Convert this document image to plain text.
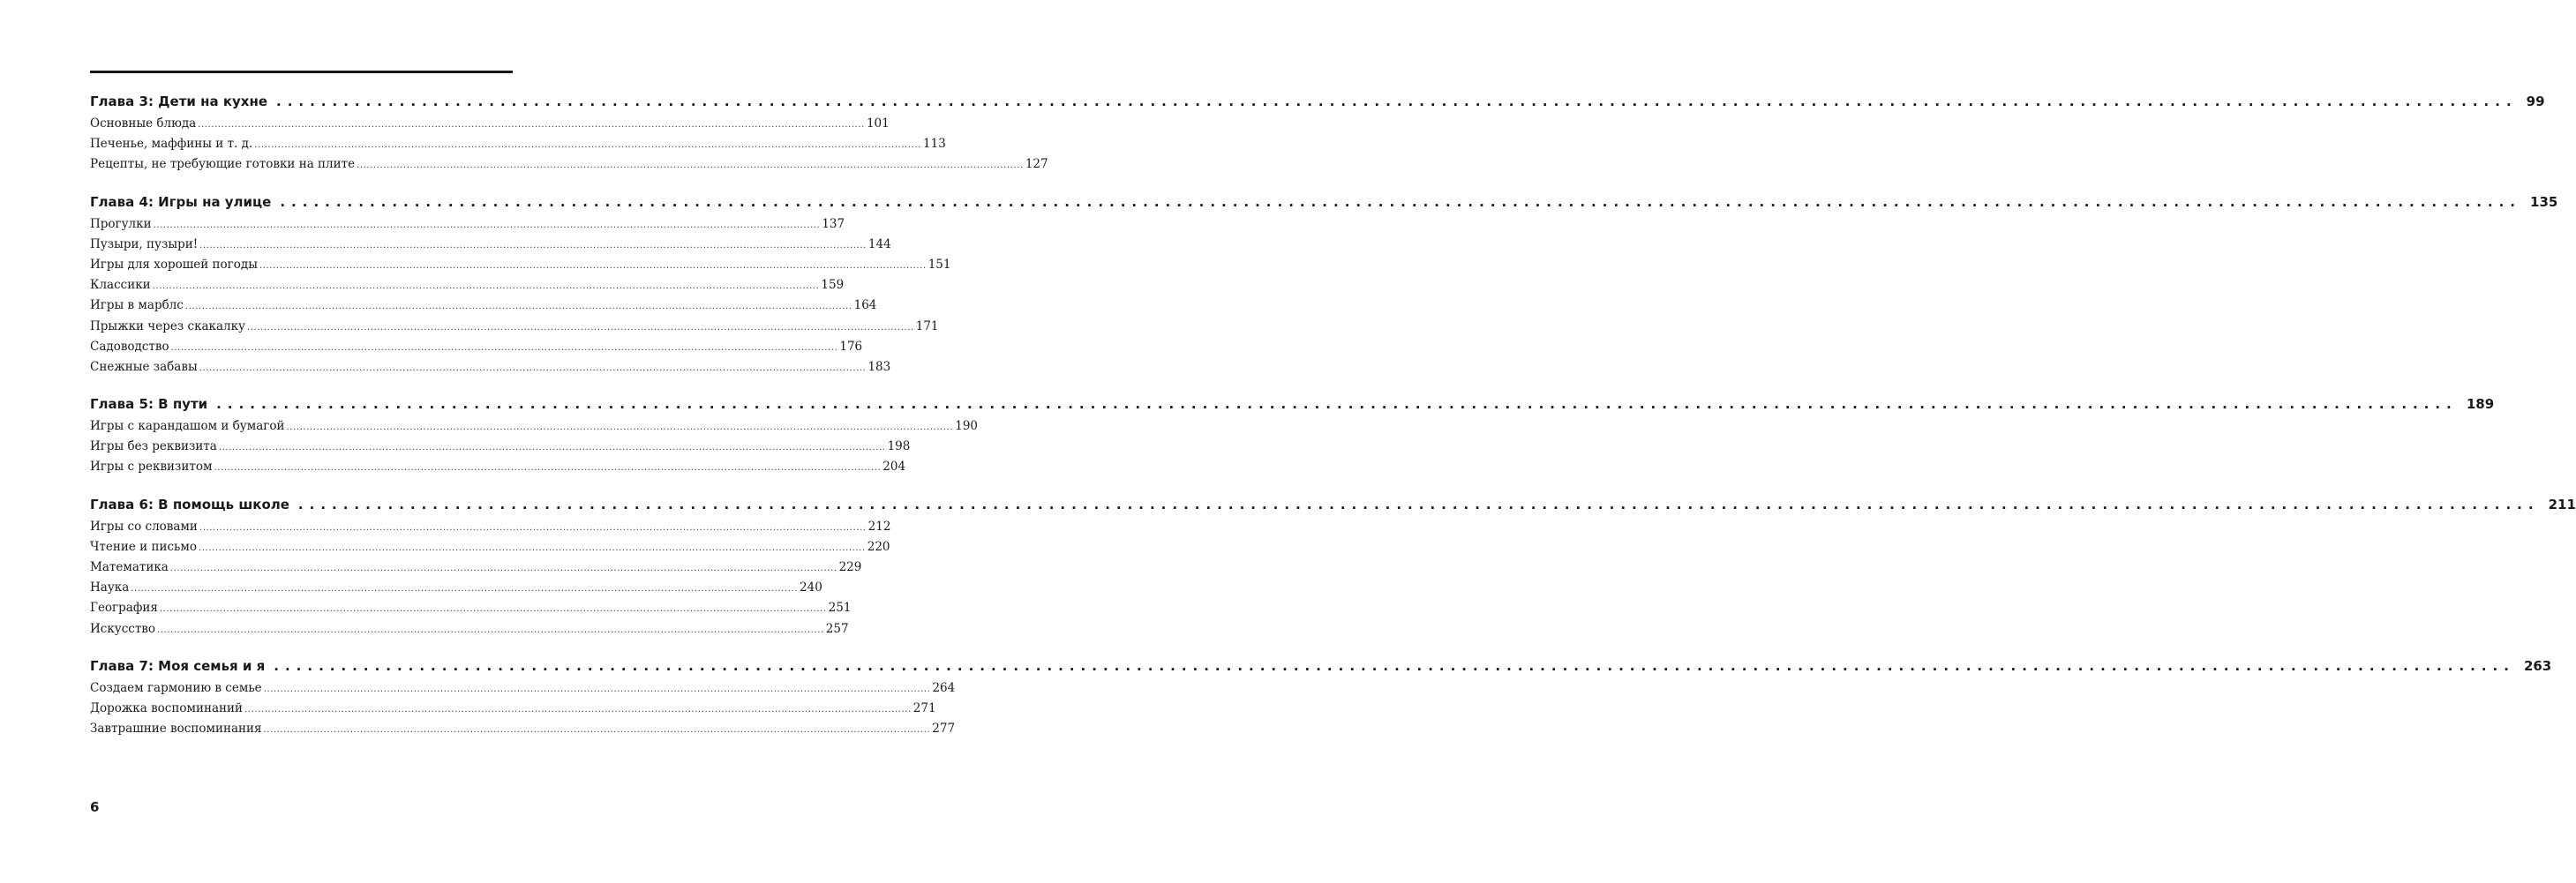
Глава 3: Дети на кухне ........................................................................................................................................................................................................ 99
Основные блюда ........................................................................................................................................................................................................ 101
Печенье, маффины и т. д. ........................................................................................................................................................................................................ 113
Рецепты, не требующие готовки на плите ........................................................................................................................................................................................................ 127
Глава 4: Игры на улице ........................................................................................................................................................................................................ 135
Прогулки ........................................................................................................................................................................................................ 137
Пузыри, пузыри! ........................................................................................................................................................................................................ 144
Игры для хорошей погоды ........................................................................................................................................................................................................ 151
Классики ........................................................................................................................................................................................................ 159
Игры в марблс ........................................................................................................................................................................................................ 164
Прыжки через скакалку ........................................................................................................................................................................................................ 171
Садоводство ........................................................................................................................................................................................................ 176
Снежные забавы ........................................................................................................................................................................................................ 183
Глава 5: В пути ........................................................................................................................................................................................................ 189
Игры с карандашом и бумагой ........................................................................................................................................................................................................ 190
Игры без реквизита ........................................................................................................................................................................................................ 198
Игры с реквизитом ........................................................................................................................................................................................................ 204
Глава 6: В помощь школе ........................................................................................................................................................................................................ 211
Игры со словами ........................................................................................................................................................................................................ 212
Чтение и письмо ........................................................................................................................................................................................................ 220
Математика ........................................................................................................................................................................................................ 229
Наука ........................................................................................................................................................................................................ 240
География ........................................................................................................................................................................................................ 251
Искусство ........................................................................................................................................................................................................ 257
Глава 7: Моя семья и я ........................................................................................................................................................................................................ 263
Создаем гармонию в семье ........................................................................................................................................................................................................ 264
Дорожка воспоминаний ........................................................................................................................................................................................................ 271
Завтрашние воспоминания ........................................................................................................................................................................................................ 277
6
